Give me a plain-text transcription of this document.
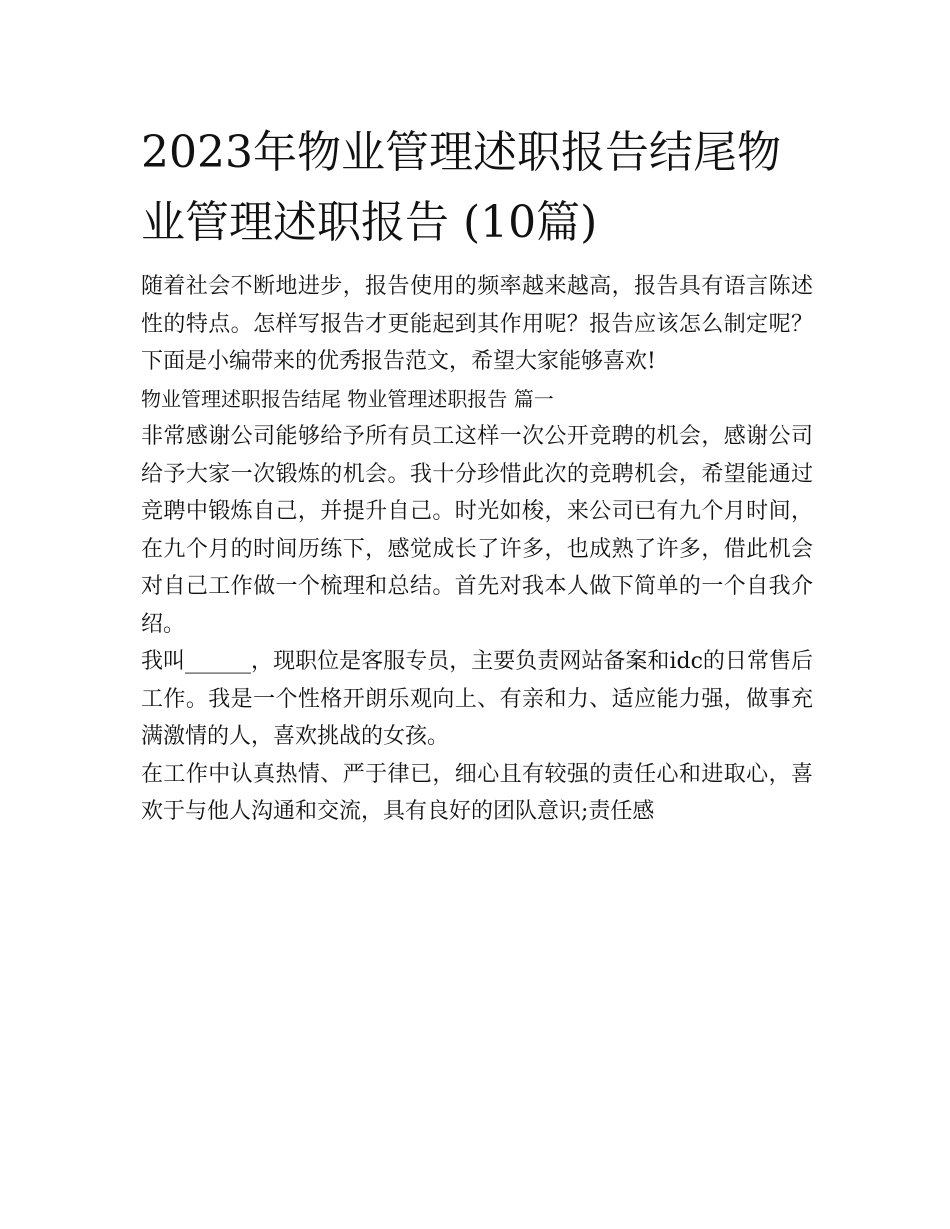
2023年物业管理述职报告结尾物业管理述职报告 (10篇)

随着社会不断地进步，报告使用的频率越来越高，报告具有语言陈述性的特点。怎样写报告才更能起到其作用呢？报告应该怎么制定呢？下面是小编带来的优秀报告范文，希望大家能够喜欢!

物业管理述职报告结尾 物业管理述职报告 篇一

非常感谢公司能够给予所有员工这样一次公开竞聘的机会，感谢公司给予大家一次锻炼的机会。我十分珍惜此次的竞聘机会，希望能通过竞聘中锻炼自己，并提升自己。时光如梭，来公司已有九个月时间，在九个月的时间历练下，感觉成长了许多，也成熟了许多，借此机会对自己工作做一个梳理和总结。首先对我本人做下简单的一个自我介绍。

我叫______，现职位是客服专员，主要负责网站备案和idc的日常售后工作。我是一个性格开朗乐观向上、有亲和力、适应能力强，做事充满激情的人，喜欢挑战的女孩。

在工作中认真热情、严于律已，细心且有较强的责任心和进取心，喜欢于与他人沟通和交流，具有良好的团队意识;责任感
